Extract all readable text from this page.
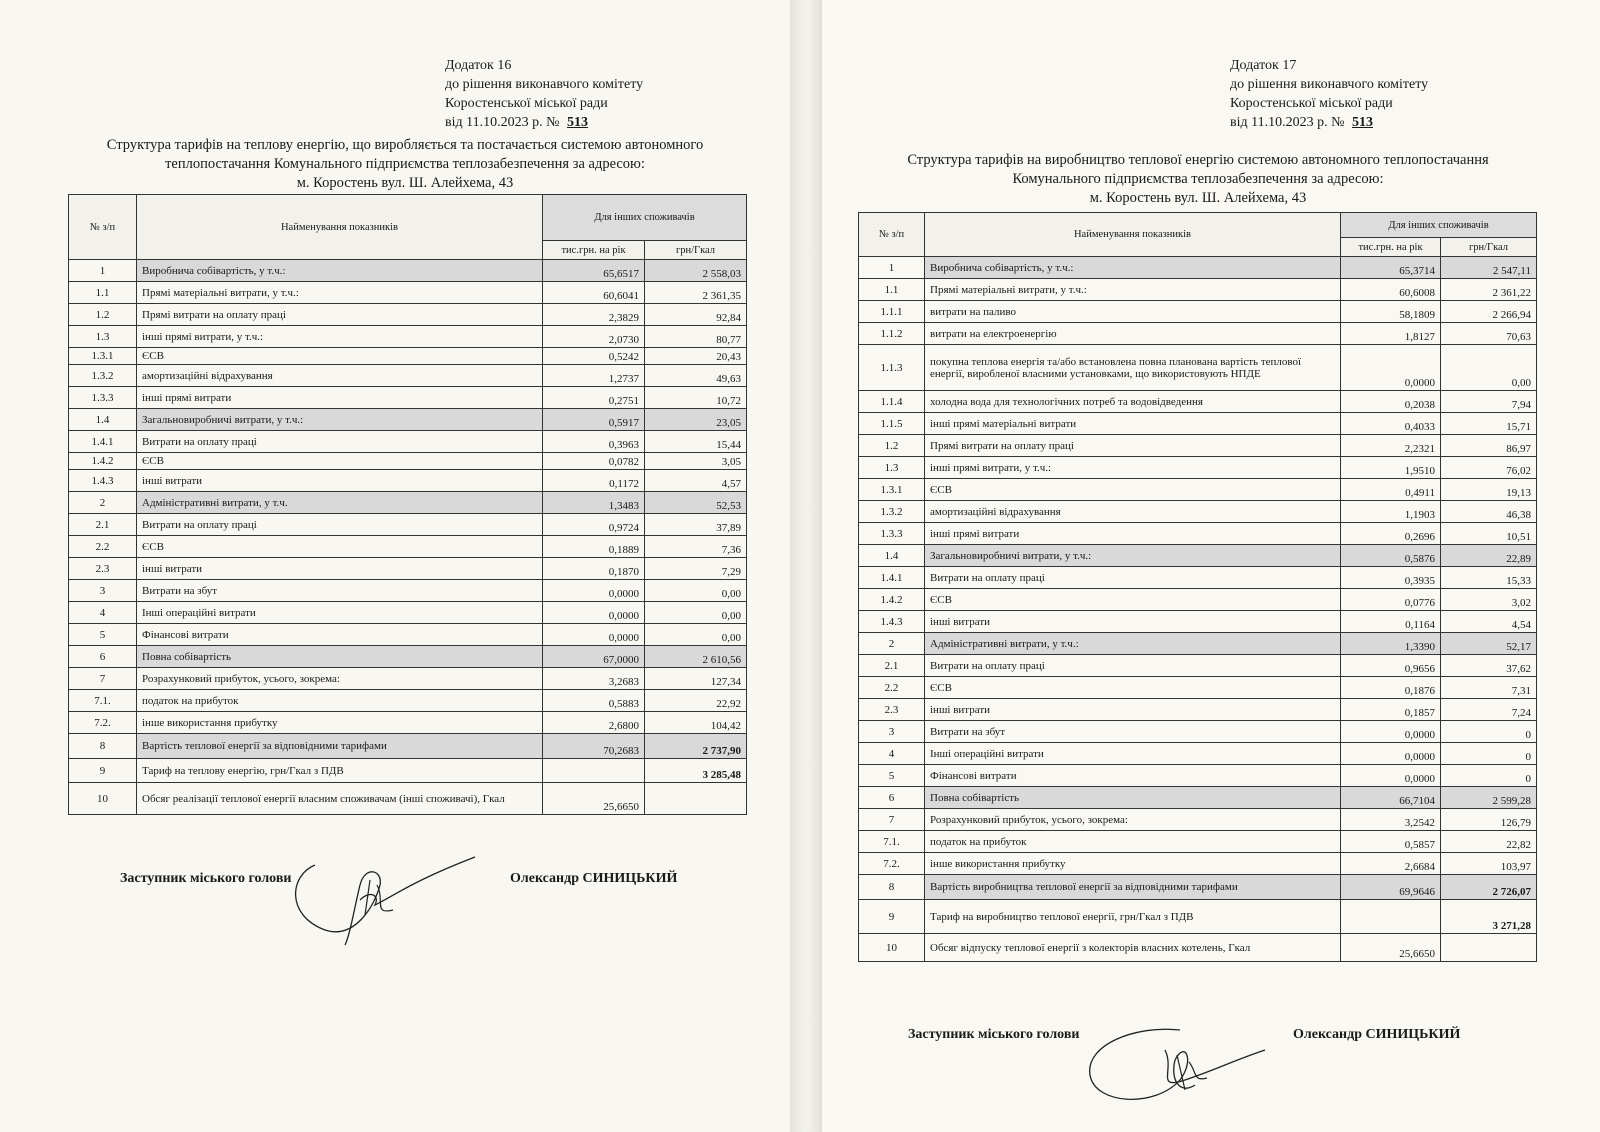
Додаток 16
до рішення виконавчого комітету
Коростенської міської ради
від 11.10.2023 р. № 513
Структура тарифів на теплову енергію, що виробляється та постачається системою автономного
теплопостачання Комунального підприємства теплозабезпечення за адресою:
м. Коростень вул. Ш. Алейхема, 43
№ з/п	Найменування показників	Для інших споживачів	
		тис.грн. на рік	грн/Гкал
1	Виробнича собівартість, у т.ч.:	65,6517	2 558,03
1.1	Прямі матеріальні витрати, у т.ч.:	60,6041	2 361,35
1.2	Прямі витрати на оплату праці	2,3829	92,84
1.3	інші прямі витрати, у т.ч.:	2,0730	80,77
1.3.1	ЄСВ	0,5242	20,43
1.3.2	амортизаційні відрахування	1,2737	49,63
1.3.3	інші прямі витрати	0,2751	10,72
1.4	Загальновиробничі витрати, у т.ч.:	0,5917	23,05
1.4.1	Витрати на оплату праці	0,3963	15,44
1.4.2	ЄСВ	0,0782	3,05
1.4.3	інші витрати	0,1172	4,57
2	Адміністративні витрати, у т.ч.	1,3483	52,53
2.1	Витрати на оплату праці	0,9724	37,89
2.2	ЄСВ	0,1889	7,36
2.3	інші витрати	0,1870	7,29
3	Витрати на збут	0,0000	0,00
4	Інші операційні витрати	0,0000	0,00
5	Фінансові витрати	0,0000	0,00
6	Повна собівартість	67,0000	2 610,56
7	Розрахунковий прибуток, усього, зокрема:	3,2683	127,34
7.1.	податок на прибуток	0,5883	22,92
7.2.	інше використання прибутку	2,6800	104,42
8	Вартість теплової енергії за відповідними тарифами	70,2683	2 737,90
9	Тариф на теплову енергію, грн/Гкал з ПДВ		3 285,48
10	Обсяг реалізації теплової енергії власним споживачам (інші споживачі), Гкал	25,6650	
Заступник міського голови	Олександр СИНИЦЬКИЙ
Додаток 17
до рішення виконавчого комітету
Коростенської міської ради
від 11.10.2023 р. № 513
Структура тарифів на виробництво теплової енергію системою автономного теплопостачання
Комунального підприємства теплозабезпечення за адресою:
м. Коростень вул. Ш. Алейхема, 43
№ з/п	Найменування показників	Для інших споживачів	
		тис.грн. на рік	грн/Гкал
1	Виробнича собівартість, у т.ч.:	65,3714	2 547,11
1.1	Прямі матеріальні витрати, у т.ч.:	60,6008	2 361,22
1.1.1	витрати на паливо	58,1809	2 266,94
1.1.2	витрати на електроенергію	1,8127	70,63
1.1.3	покупна теплова енергія та/або встановлена повна планована вартість теплової енергії, виробленої власними установками, що використовують НПДЕ	0,0000	0,00
1.1.4	холодна вода для технологічних потреб та водовідведення	0,2038	7,94
1.1.5	інші прямі матеріальні витрати	0,4033	15,71
1.2	Прямі витрати на оплату праці	2,2321	86,97
1.3	інші прямі витрати, у т.ч.:	1,9510	76,02
1.3.1	ЄСВ	0,4911	19,13
1.3.2	амортизаційні відрахування	1,1903	46,38
1.3.3	інші прямі витрати	0,2696	10,51
1.4	Загальновиробничі витрати, у т.ч.:	0,5876	22,89
1.4.1	Витрати на оплату праці	0,3935	15,33
1.4.2	ЄСВ	0,0776	3,02
1.4.3	інші витрати	0,1164	4,54
2	Адміністративні витрати, у т.ч.:	1,3390	52,17
2.1	Витрати на оплату праці	0,9656	37,62
2.2	ЄСВ	0,1876	7,31
2.3	інші витрати	0,1857	7,24
3	Витрати на збут	0,0000	0
4	Інші операційні витрати	0,0000	0
5	Фінансові витрати	0,0000	0
6	Повна собівартість	66,7104	2 599,28
7	Розрахунковий прибуток, усього, зокрема:	3,2542	126,79
7.1.	податок на прибуток	0,5857	22,82
7.2.	інше використання прибутку	2,6684	103,97
8	Вартість виробництва теплової енергії за відповідними тарифами	69,9646	2 726,07
9	Тариф на виробництво теплової енергії, грн/Гкал з ПДВ		3 271,28
10	Обсяг відпуску теплової енергії з колекторів власних котелень, Гкал	25,6650	
Заступник міського голови	Олександр СИНИЦЬКИЙ
